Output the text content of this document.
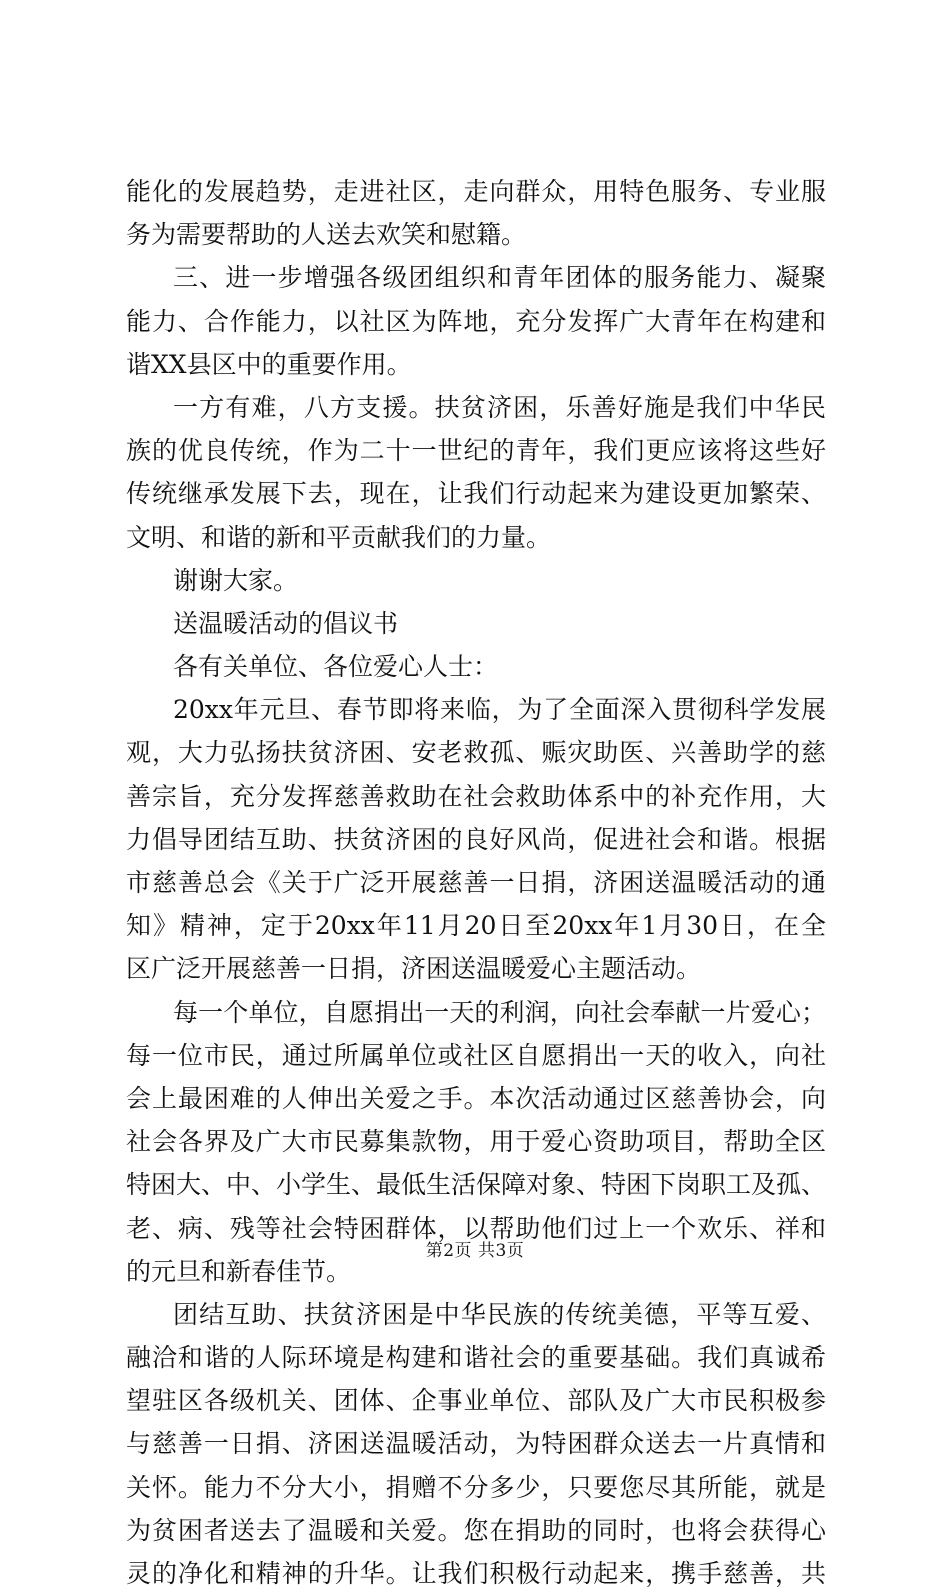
能化的发展趋势，走进社区，走向群众，用特色服务、专业服
务为需要帮助的人送去欢笑和慰籍。
三、进一步增强各级团组织和青年团体的服务能力、凝聚
能力、合作能力，以社区为阵地，充分发挥广大青年在构建和
谐XX县区中的重要作用。
一方有难，八方支援。扶贫济困，乐善好施是我们中华民
族的优良传统，作为二十一世纪的青年，我们更应该将这些好
传统继承发展下去，现在，让我们行动起来为建设更加繁荣、
文明、和谐的新和平贡献我们的力量。
谢谢大家。
送温暖活动的倡议书
各有关单位、各位爱心人士：
20xx年元旦、春节即将来临，为了全面深入贯彻科学发展
观，大力弘扬扶贫济困、安老救孤、赈灾助医、兴善助学的慈
善宗旨，充分发挥慈善救助在社会救助体系中的补充作用，大
力倡导团结互助、扶贫济困的良好风尚，促进社会和谐。根据
市慈善总会《关于广泛开展慈善一日捐，济困送温暖活动的通
知》精神，定于20xx年11月20日至20xx年1月30日，在全
区广泛开展慈善一日捐，济困送温暖爱心主题活动。
每一个单位，自愿捐出一天的利润，向社会奉献一片爱心；
每一位市民，通过所属单位或社区自愿捐出一天的收入，向社
会上最困难的人伸出关爱之手。本次活动通过区慈善协会，向
社会各界及广大市民募集款物，用于爱心资助项目，帮助全区
特困大、中、小学生、最低生活保障对象、特困下岗职工及孤、
老、病、残等社会特困群体，以帮助他们过上一个欢乐、祥和
的元旦和新春佳节。
团结互助、扶贫济困是中华民族的传统美德，平等互爱、
融洽和谐的人际环境是构建和谐社会的重要基础。我们真诚希
望驻区各级机关、团体、企事业单位、部队及广大市民积极参
与慈善一日捐、济困送温暖活动，为特困群众送去一片真情和
关怀。能力不分大小，捐赠不分多少，只要您尽其所能，就是
为贫困者送去了温暖和关爱。您在捐助的同时，也将会获得心
灵的净化和精神的升华。让我们积极行动起来，携手慈善，共
第2页 共3页
